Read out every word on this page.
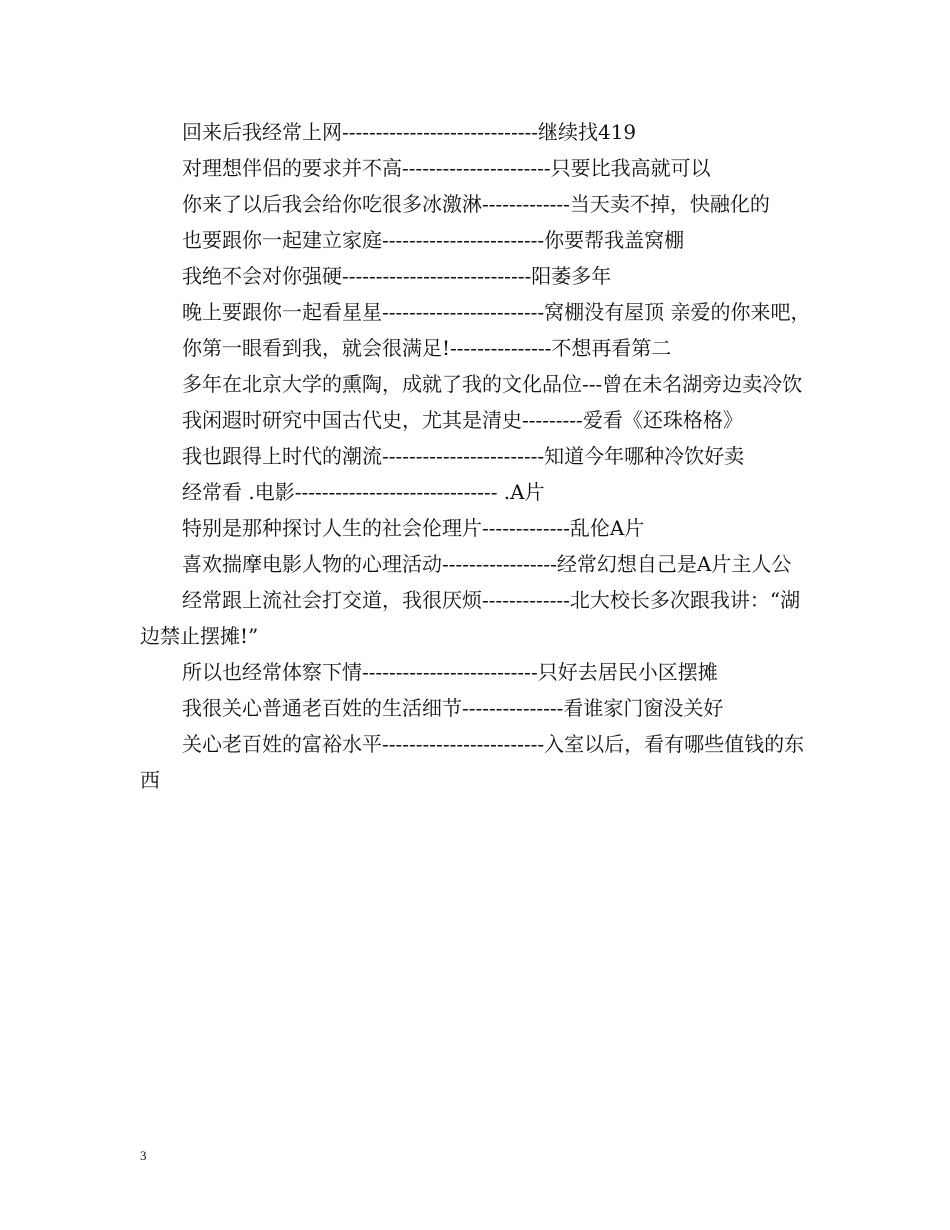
回来后我经常上网-----------------------------继续找419

对理想伴侣的要求并不高----------------------只要比我高就可以

你来了以后我会给你吃很多冰激淋-------------当天卖不掉，快融化的

也要跟你一起建立家庭------------------------你要帮我盖窝棚

我绝不会对你强硬----------------------------阳萎多年

晚上要跟你一起看星星------------------------窝棚没有屋顶 亲爱的你来吧，

你第一眼看到我，就会很满足!---------------不想再看第二

多年在北京大学的熏陶，成就了我的文化品位---曾在未名湖旁边卖冷饮

我闲遐时研究中国古代史，尤其是清史---------爱看《还珠格格》

我也跟得上时代的潮流------------------------知道今年哪种冷饮好卖

经常看 .电影------------------------------ .A片

特别是那种探讨人生的社会伦理片-------------乱伦A片

喜欢揣摩电影人物的心理活动-----------------经常幻想自己是A片主人公

经常跟上流社会打交道，我很厌烦-------------北大校长多次跟我讲：“湖边禁止摆摊!”

所以也经常体察下情--------------------------只好去居民小区摆摊

我很关心普通老百姓的生活细节---------------看谁家门窗没关好

关心老百姓的富裕水平------------------------入室以后，看有哪些值钱的东西

3
